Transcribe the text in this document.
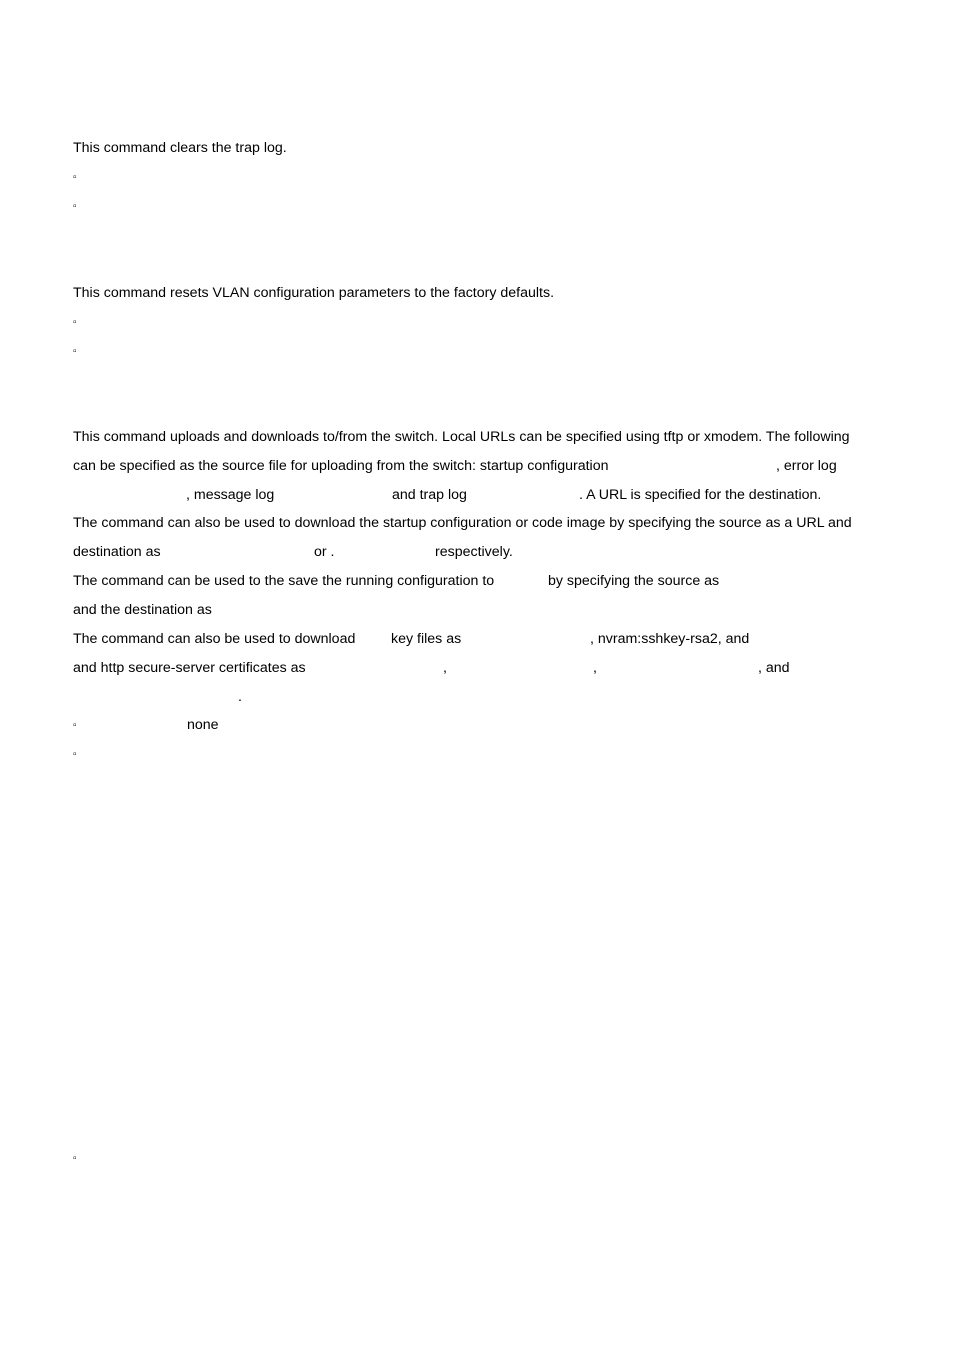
This command clears the trap log.
▫
▫
This command resets VLAN configuration parameters to the factory defaults.
▫
▫
This command uploads and downloads to/from the switch. Local URLs can be specified using tftp or xmodem. The following
can be specified as the source file for uploading from the switch: startup configuration	, error log
, message log	and trap log	. A URL is specified for the destination.
The command can also be used to download the startup configuration or code image by specifying the source as a URL and
destination as	or .	respectively.
The command can be used to the save the running configuration to	by specifying the source as
and the destination as
The command can also be used to download	key files as	, nvram:sshkey-rsa2, and
and http secure-server certificates as	,	,	, and
.
▫	none
▫
▫
